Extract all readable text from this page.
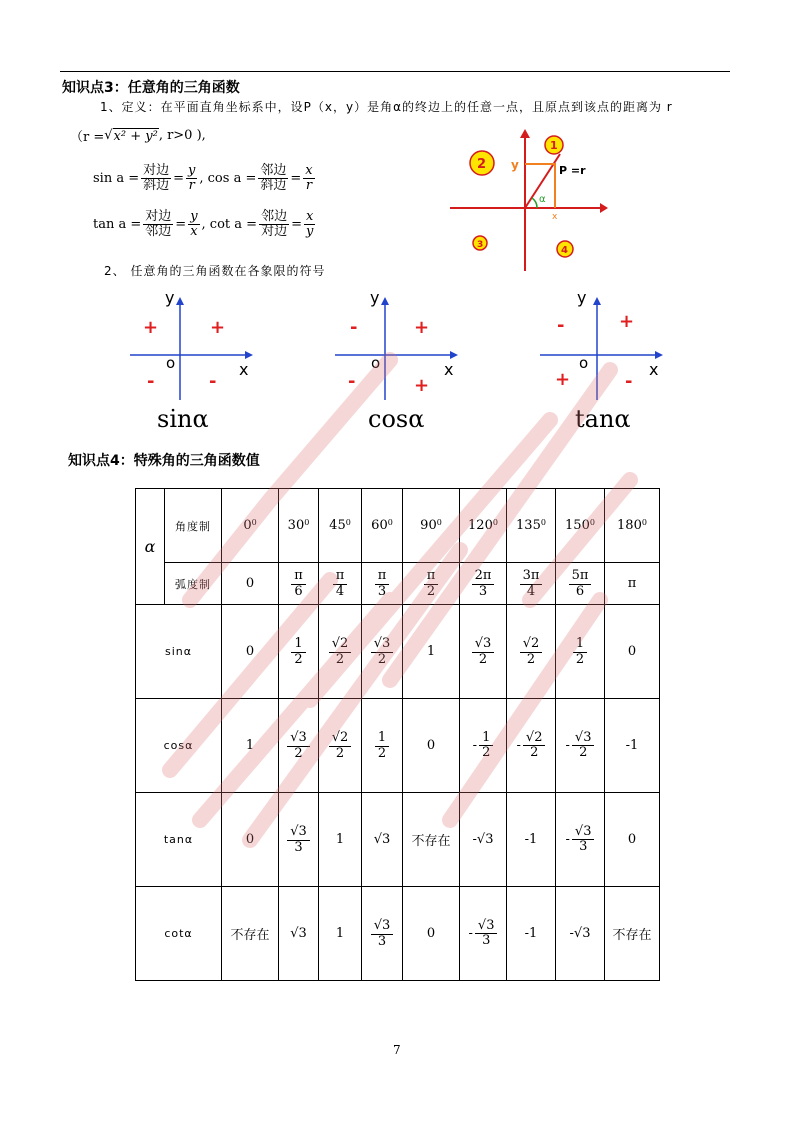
知识点3：任意角的三角函数
1、定义：在平面直角坐标系中，设P（x，y）是角α的终边上的任意一点，且原点到该点的距离为 r
（r = √ x² + y² , r>0 ),
$\sin a = \frac{\text{对边}}{\text{斜边}} = \frac{y}{r}$ , $\cos a = \frac{\text{邻边}}{\text{斜边}} = \frac{x}{r}$
$\tan a = \frac{\text{对边}}{\text{邻边}} = \frac{y}{x}$ , $\cot a = \frac{\text{邻边}}{\text{对边}} = \frac{x}{y}$
2、 任意角的三角函数在各象限的符号
α
y
x
P =r
1
2
3	4
y
x
o
+
+
-	-
sinα
y
x
o
+
-
-	+
cosα
y
x
o
+
-
+	-
tanα
知识点4：特殊角的三角函数值
α	角度制	$0^0$	$30^0$	$45^0$	$60^0$	$90^0$	$120^0$	$135^0$	$150^0$	$180^0$

	弧度制	0	$\frac{\pi}{6}$	$\frac{\pi}{4}$	$\frac{\pi}{3}$	$\frac{\pi}{2}$	$\frac{2\pi}{3}$	$\frac{3\pi}{4}$	$\frac{5\pi}{6}$	π
sinα		0	$\frac{1}{2}$	$\frac{√2}{2}$	$\frac{√3}{2}$	1	$\frac{√3}{2}$	$\frac{√2}{2}$	$\frac{1}{2}$	0
cosα		1	$\frac{√3}{2}$	$\frac{√2}{2}$	$\frac{1}{2}$	0	- $\frac{1}{2}$	- $\frac{√2}{2}$	- $\frac{√3}{2}$	-1
tanα		0	$\frac{√3}{3}$	1	√3	不存在	-√3	-1	- $\frac{√3}{3}$	0
cotα		不存在	√3	1	$\frac{√3}{3}$	0	- $\frac{√3}{3}$	-1	-√3	不存在
7
